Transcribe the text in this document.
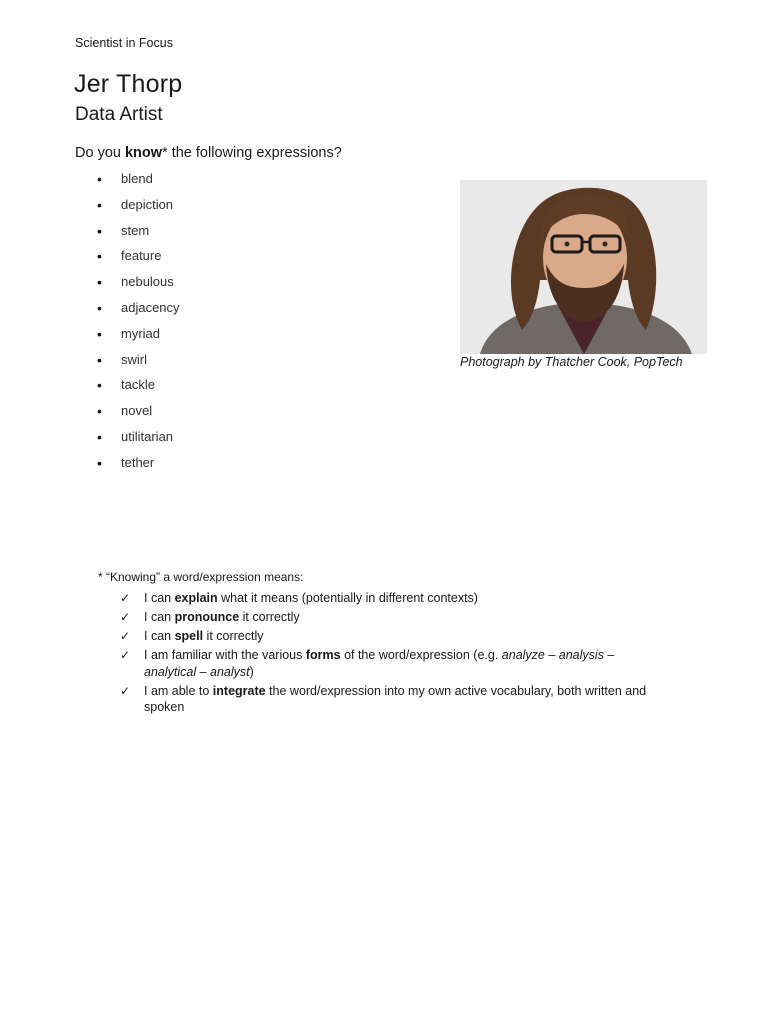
Scientist in Focus
Jer Thorp
Data Artist
Do you know* the following expressions?
• blend
• depiction
• stem
• feature
• nebulous
• adjacency
• myriad
• swirl
• tackle
• novel
• utilitarian
• tether
Photograph by Thatcher Cook, PopTech
* “Knowing” a word/expression means:
✓ I can explain what it means (potentially in different contexts)
✓ I can pronounce it correctly
✓ I can spell it correctly
✓ I am familiar with the various forms of the word/expression (e.g. analyze – analysis – analytical – analyst)
✓ I am able to integrate the word/expression into my own active vocabulary, both written and spoken
